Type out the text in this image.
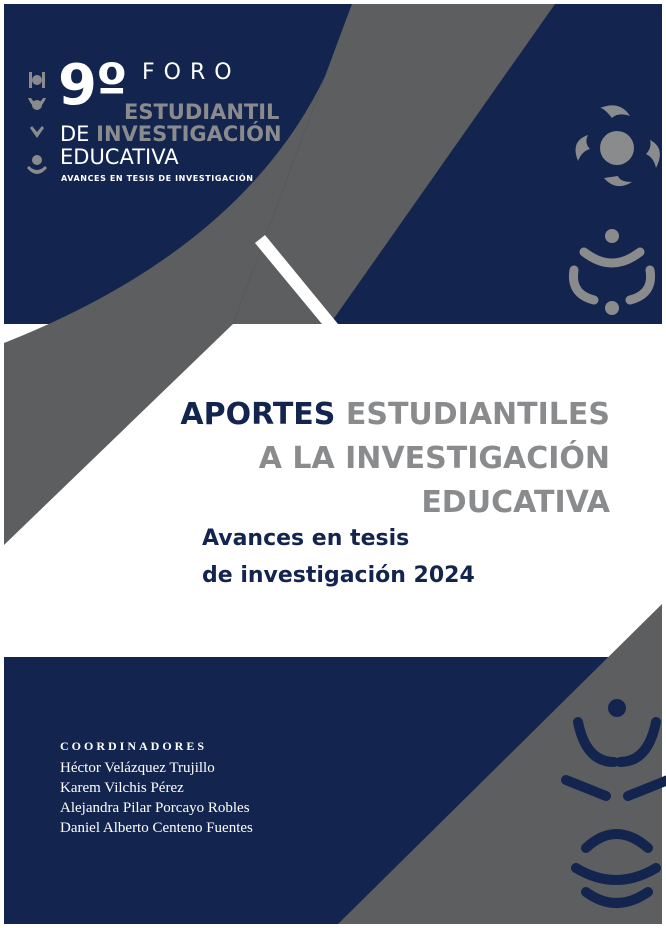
9º FORO
ESTUDIANTIL
DE INVESTIGACIÓN
EDUCATIVA
AVANCES EN TESIS DE INVESTIGACIÓN
APORTES ESTUDIANTILES
A LA INVESTIGACIÓN
EDUCATIVA
Avances en tesis
de investigación 2024
COORDINADORES
Héctor Velázquez Trujillo
Karem Vilchis Pérez
Alejandra Pilar Porcayo Robles
Daniel Alberto Centeno Fuentes
